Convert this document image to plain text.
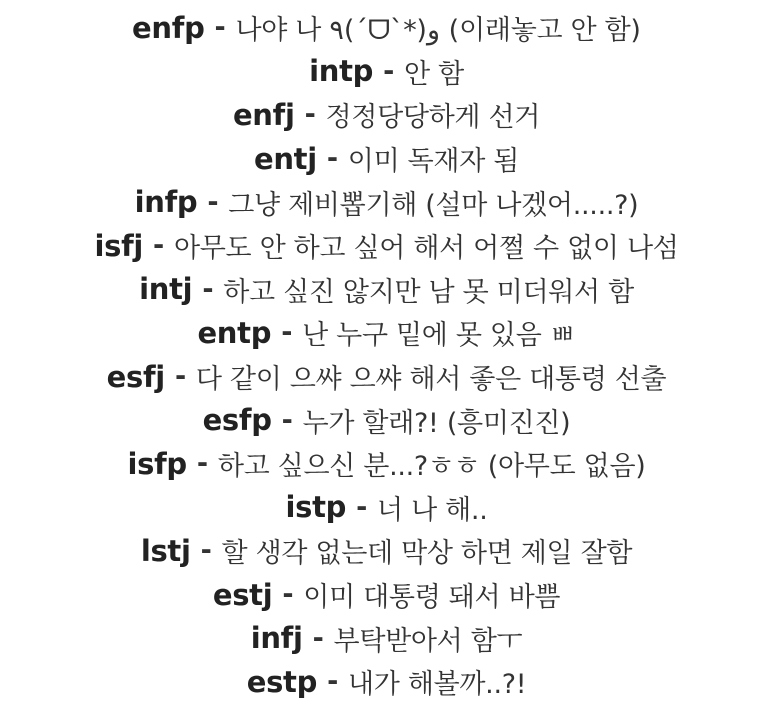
enfp - 나야 나 ٩(ˊᗜˋ*)و (이래놓고 안 함)
intp - 안 함
enfj - 정정당당하게 선거
entj - 이미 독재자 됨
infp - 그냥 제비뽑기해 (설마 나겠어.....?)
isfj - 아무도 안 하고 싶어 해서 어쩔 수 없이 나섬
intj - 하고 싶진 않지만 남 못 미더워서 함
entp - 난 누구 밑에 못 있음 ㅃ
esfj - 다 같이 으쌰 으쌰 해서 좋은 대통령 선출
esfp - 누가 할래?! (흥미진진)
isfp - 하고 싶으신 분...?ㅎㅎ (아무도 없음)
istp - 너 나 해..
lstj - 할 생각 없는데 막상 하면 제일 잘함
estj - 이미 대통령 돼서 바쁨
infj - 부탁받아서 함ㅜ
estp - 내가 해볼까..?!
